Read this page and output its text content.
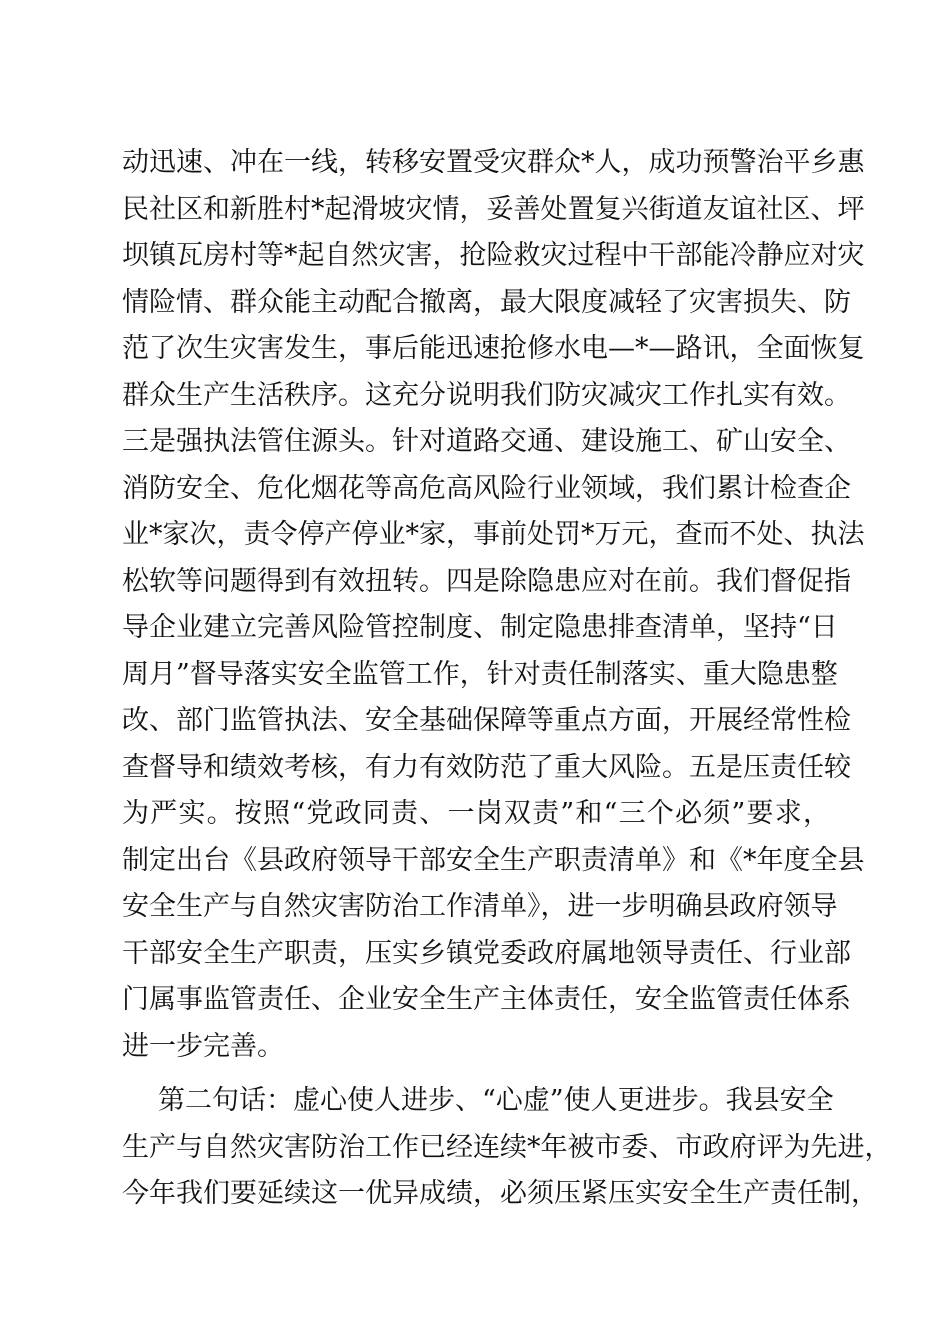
动迅速、冲在一线，转移安置受灾群众*人，成功预警治平乡惠
民社区和新胜村*起滑坡灾情，妥善处置复兴街道友谊社区、坪
坝镇瓦房村等*起自然灾害，抢险救灾过程中干部能冷静应对灾
情险情、群众能主动配合撤离，最大限度减轻了灾害损失、防
范了次生灾害发生，事后能迅速抢修水电—*—路讯，全面恢复
群众生产生活秩序。这充分说明我们防灾减灾工作扎实有效。
三是强执法管住源头。针对道路交通、建设施工、矿山安全、
消防安全、危化烟花等高危高风险行业领域，我们累计检查企
业*家次，责令停产停业*家，事前处罚*万元，查而不处、执法
松软等问题得到有效扭转。四是除隐患应对在前。我们督促指
导企业建立完善风险管控制度、制定隐患排查清单，坚持“日
周月”督导落实安全监管工作，针对责任制落实、重大隐患整
改、部门监管执法、安全基础保障等重点方面，开展经常性检
查督导和绩效考核，有力有效防范了重大风险。五是压责任较
为严实。按照“党政同责、一岗双责”和“三个必须”要求，
制定出台《县政府领导干部安全生产职责清单》和《*年度全县
安全生产与自然灾害防治工作清单》，进一步明确县政府领导
干部安全生产职责，压实乡镇党委政府属地领导责任、行业部
门属事监管责任、企业安全生产主体责任，安全监管责任体系
进一步完善。
第二句话：虚心使人进步、“心虚”使人更进步。我县安全
生产与自然灾害防治工作已经连续*年被市委、市政府评为先进，
今年我们要延续这一优异成绩，必须压紧压实安全生产责任制，
